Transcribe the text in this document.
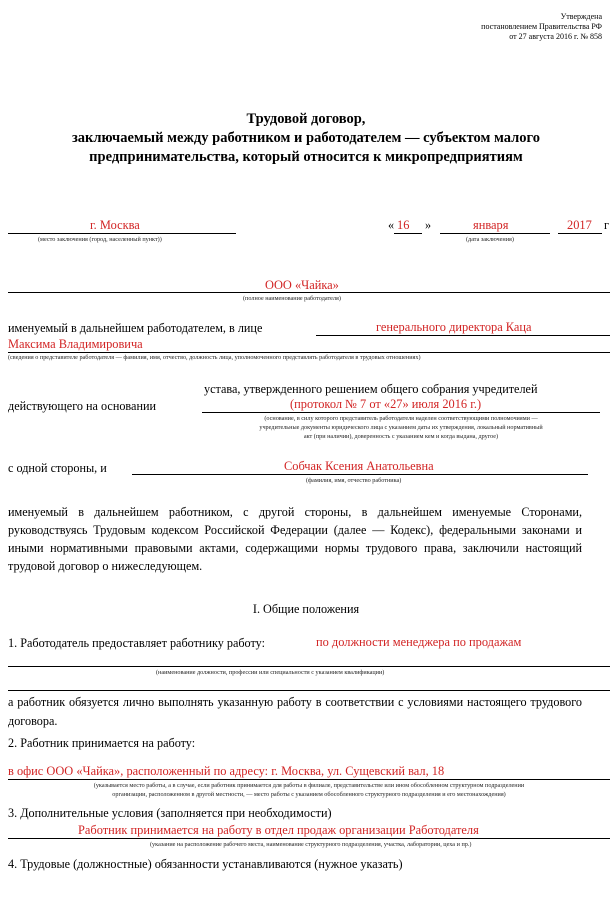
Утверждена
постановлением Правительства РФ
от 27 августа 2016 г. № 858
Трудовой договор,
заключаемый между работником и работодателем — субъектом малого
предпринимательства, который относится к микропредприятиям
г. Москва
(место заключения (город, населенный пункт))
« 16 »	января	2017 г
(дата заключения)
ООО «Чайка»
(полное наименование работодателя)
именуемый в дальнейшем работодателем, в лице	генерального директора Каца
Максима Владимировича
(сведения о представителе работодателя — фамилия, имя, отчество, должность лица, уполномоченного представлять работодателя в трудовых отношениях)
устава, утвержденного решением общего собрания учредителей
действующего на основании	(протокол № 7 от «27» июля 2016 г.)
(основание, в силу которого представитель работодателя наделен соответствующими полномочиями —
учредительные документы юридического лица с указанием даты их утверждения, локальный нормативный
акт (при наличии), доверенность с указанием кем и когда выдана, другое)
с одной стороны, и	Собчак Ксения Анатольевна
(фамилия, имя, отчество работника)
именуемый в дальнейшем работником, с другой стороны, в дальнейшем именуемые Сторонами, руководствуясь Трудовым кодексом Российской Федерации (далее — Кодекс), федеральными законами и иными нормативными правовыми актами, содержащими нормы трудового права, заключили настоящий трудовой договор о нижеследующем.
I. Общие положения
1. Работодатель предоставляет работнику работу:	по должности менеджера по продажам
(наименование должности, профессии или специальности с указанием квалификации)
а работник обязуется лично выполнять указанную работу в соответствии с условиями настоящего трудового договора.
2. Работник принимается на работу:
в офис ООО «Чайка», расположенный по адресу: г. Москва, ул. Сущевский вал, 18
(указывается место работы, а в случае, если работник принимается для работы в филиале, представительстве или ином обособленном структурном подразделении
организации, расположенном в другой местности, — место работы с указанием обособленного структурного подразделения и его местонахождения)
3. Дополнительные условия (заполняется при необходимости)
Работник принимается на работу в отдел продаж организации Работодателя
(указание на расположение рабочего места, наименование структурного подразделения, участка, лаборатории, цеха и пр.)
4. Трудовые (должностные) обязанности устанавливаются (нужное указать)
